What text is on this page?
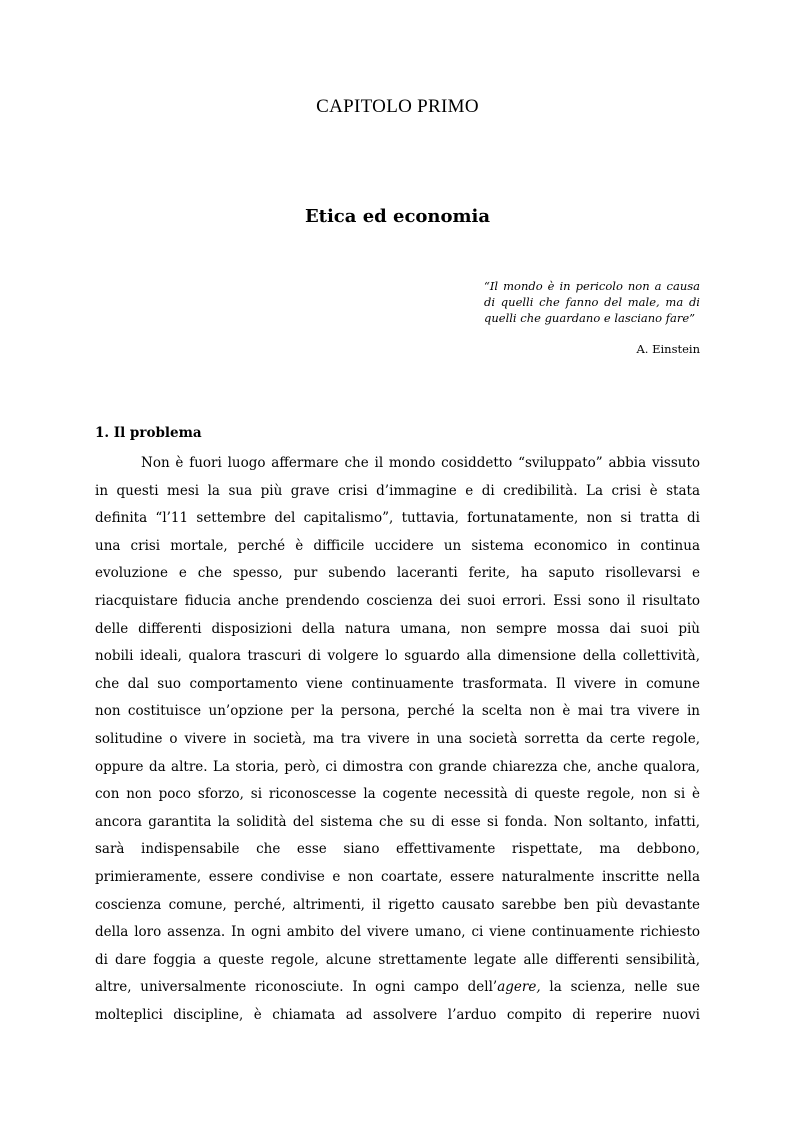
CAPITOLO PRIMO
Etica ed economia
“Il mondo è in pericolo non a causa di quelli che fanno del male, ma di quelli che guardano e lasciano fare”
A. Einstein
1. Il problema
Non è fuori luogo affermare che il mondo cosiddetto “sviluppato” abbia vissuto
in questi mesi la sua più grave crisi d’immagine e di credibilità. La crisi è stata
definita “l’11 settembre del capitalismo”, tuttavia, fortunatamente, non si tratta di
una crisi mortale, perché è difficile uccidere un sistema economico in continua
evoluzione e che spesso, pur subendo laceranti ferite, ha saputo risollevarsi e
riacquistare fiducia anche prendendo coscienza dei suoi errori. Essi sono il risultato
delle differenti disposizioni della natura umana, non sempre mossa dai suoi più
nobili ideali, qualora trascuri di volgere lo sguardo alla dimensione della collettività,
che dal suo comportamento viene continuamente trasformata. Il vivere in comune
non costituisce un’opzione per la persona, perché la scelta non è mai tra vivere in
solitudine o vivere in società, ma tra vivere in una società sorretta da certe regole,
oppure da altre. La storia, però, ci dimostra con grande chiarezza che, anche qualora,
con non poco sforzo, si riconoscesse la cogente necessità di queste regole, non si è
ancora garantita la solidità del sistema che su di esse si fonda. Non soltanto, infatti,
sarà indispensabile che esse siano effettivamente rispettate, ma debbono,
primieramente, essere condivise e non coartate, essere naturalmente inscritte nella
coscienza comune, perché, altrimenti, il rigetto causato sarebbe ben più devastante
della loro assenza. In ogni ambito del vivere umano, ci viene continuamente richiesto
di dare foggia a queste regole, alcune strettamente legate alle differenti sensibilità,
altre, universalmente riconosciute. In ogni campo dell’agere, la scienza, nelle sue
molteplici discipline, è chiamata ad assolvere l’arduo compito di reperire nuovi
